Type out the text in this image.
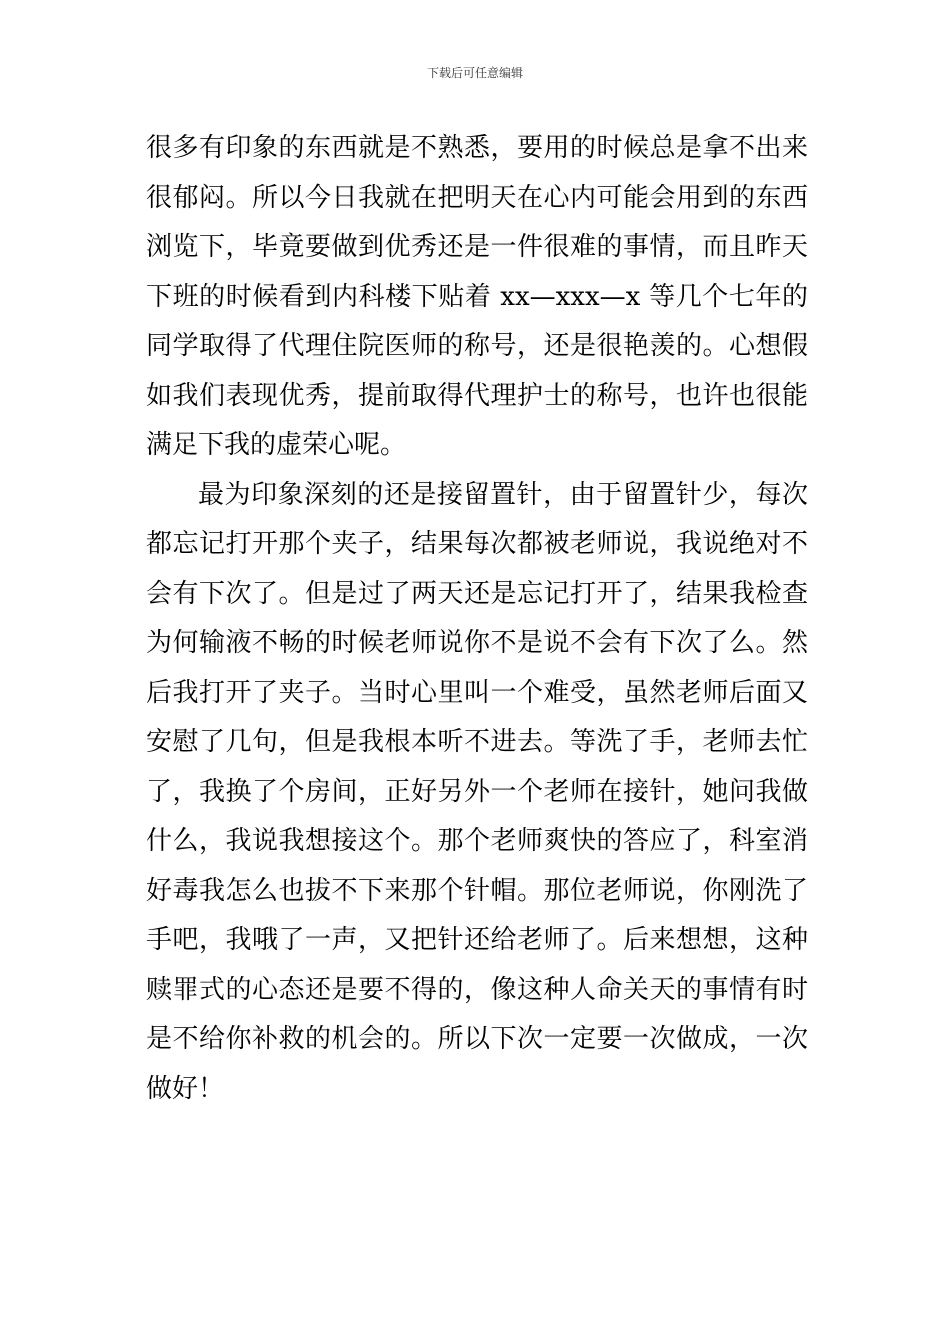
下载后可任意编辑

很多有印象的东西就是不熟悉，要用的时候总是拿不出来很郁闷。所以今日我就在把明天在心内可能会用到的东西浏览下，毕竟要做到优秀还是一件很难的事情，而且昨天下班的时候看到内科楼下贴着 xx—xxx—x 等几个七年的同学取得了代理住院医师的称号，还是很艳羡的。心想假如我们表现优秀，提前取得代理护士的称号，也许也很能满足下我的虚荣心呢。

最为印象深刻的还是接留置针，由于留置针少，每次都忘记打开那个夹子，结果每次都被老师说，我说绝对不会有下次了。但是过了两天还是忘记打开了，结果我检查为何输液不畅的时候老师说你不是说不会有下次了么。然后我打开了夹子。当时心里叫一个难受，虽然老师后面又安慰了几句，但是我根本听不进去。等洗了手，老师去忙了，我换了个房间，正好另外一个老师在接针，她问我做什么，我说我想接这个。那个老师爽快的答应了，科室消好毒我怎么也拔不下来那个针帽。那位老师说，你刚洗了手吧，我哦了一声，又把针还给老师了。后来想想，这种赎罪式的心态还是要不得的，像这种人命关天的事情有时是不给你补救的机会的。所以下次一定要一次做成，一次做好！
